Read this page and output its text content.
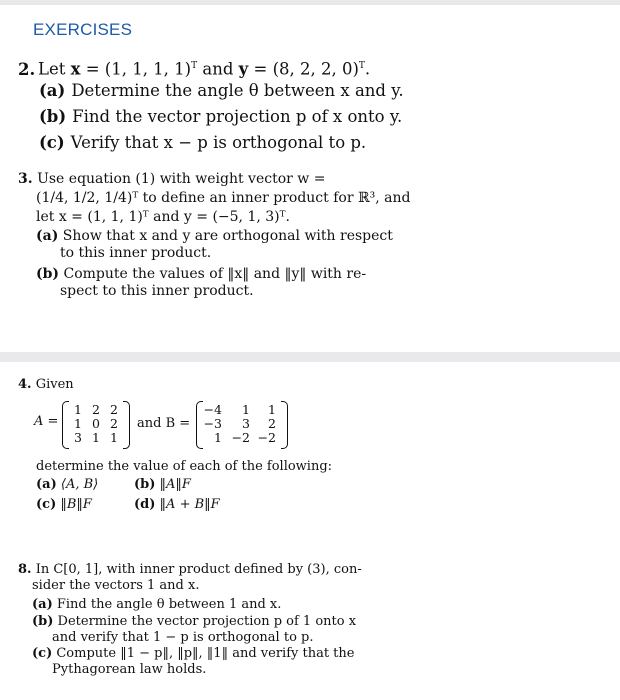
EXERCISES
2. Let x = (1, 1, 1, 1)$^T$ and y = (8, 2, 2, 0)$^T$.
(a) Determine the angle θ between x and y.
(b) Find the vector projection p of x onto y.
(c) Verify that x − p is orthogonal to p.
3. Use equation (1) with weight vector w =
(1/4, 1/2, 1/4)ᵀ to define an inner product for ℝ³, and
let x = (1, 1, 1)ᵀ and y = (−5, 1, 3)ᵀ.
(a) Show that x and y are orthogonal with respect
to this inner product.
(b) Compute the values of ‖x‖ and ‖y‖ with re-
spect to this inner product.
4. Given
A =
1 2 2
1 0 2
3 1 1
and B =
−4	1	1
−3	3	2
1 −2 −2
determine the value of each of the following:
(a) ⟨A, B⟩	(b) ‖A‖F
(c) ‖B‖F	(d) ‖A + B‖F
8. In C[0, 1], with inner product defined by (3), con-
sider the vectors 1 and x.
(a) Find the angle θ between 1 and x.
(b) Determine the vector projection p of 1 onto x
and verify that 1 − p is orthogonal to p.
(c) Compute ‖1 − p‖, ‖p‖, ‖1‖ and verify that the
Pythagorean law holds.
